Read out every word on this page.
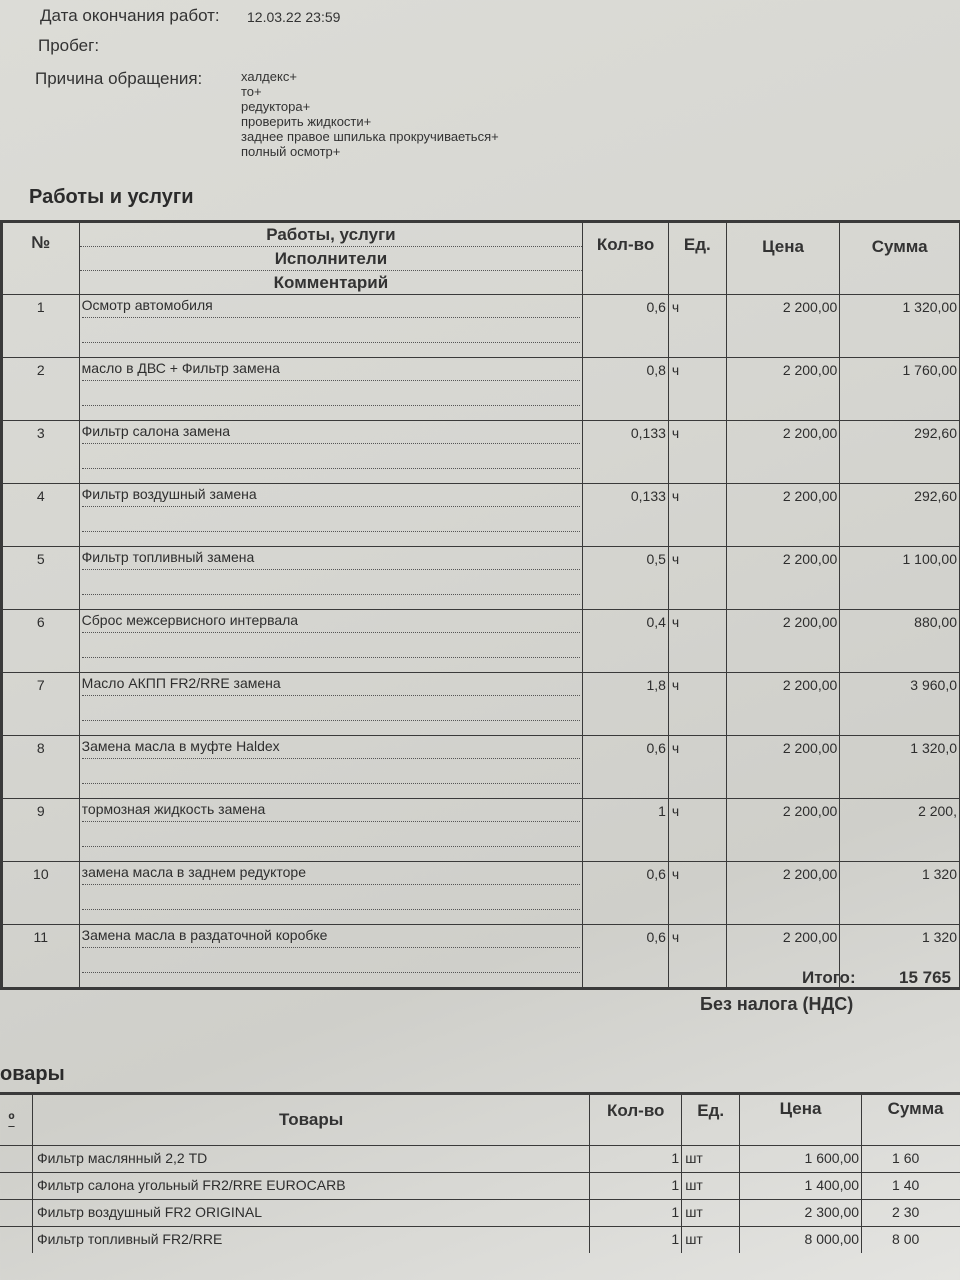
Дата окончания работ: 12.03.22 23:59
Пробег:
Причина обращения:	халдекс+
то+
редуктора+
проверить жидкости+
заднее правое шпилька прокручиваеться+
полный осмотр+
Работы и услуги
№	Работы, услуги
Исполнители
Комментарий	Кол-во	Ед.	Цена	Сумма
1	Осмотр автомобиля	0,6	ч	2 200,00	1 320,00
2	масло в ДВС + Фильтр замена	0,8	ч	2 200,00	1 760,00
3	Фильтр салона замена	0,133	ч	2 200,00	292,60
4	Фильтр воздушный замена	0,133	ч	2 200,00	292,60
5	Фильтр топливный замена	0,5	ч	2 200,00	1 100,00
6	Сброс межсервисного интервала	0,4	ч	2 200,00	880,00
7	Масло АКПП FR2/RRE замена	1,8	ч	2 200,00	3 960,0
8	Замена масла в муфте Haldex	0,6	ч	2 200,00	1 320,0
9	тормозная жидкость замена	1	ч	2 200,00	2 200,
10	замена масла в заднем редукторе	0,6	ч	2 200,00	1 320
11	Замена масла в раздаточной коробке	0,6	ч	2 200,00	1 320
Итого:	15 765
Без налога (НДС)
овары
º	Товары	Кол-во	Ед.	Цена	Сумма
	Фильтр маслянный 2,2 TD	1	шт	1 600,00	1 60
	Фильтр салона угольный FR2/RRE EUROCARB	1	шт	1 400,00	1 40
	Фильтр воздушный FR2 ORIGINAL	1	шт	2 300,00	2 30
	Фильтр топливный FR2/RRE	1	шт	8 000,00	8 00
